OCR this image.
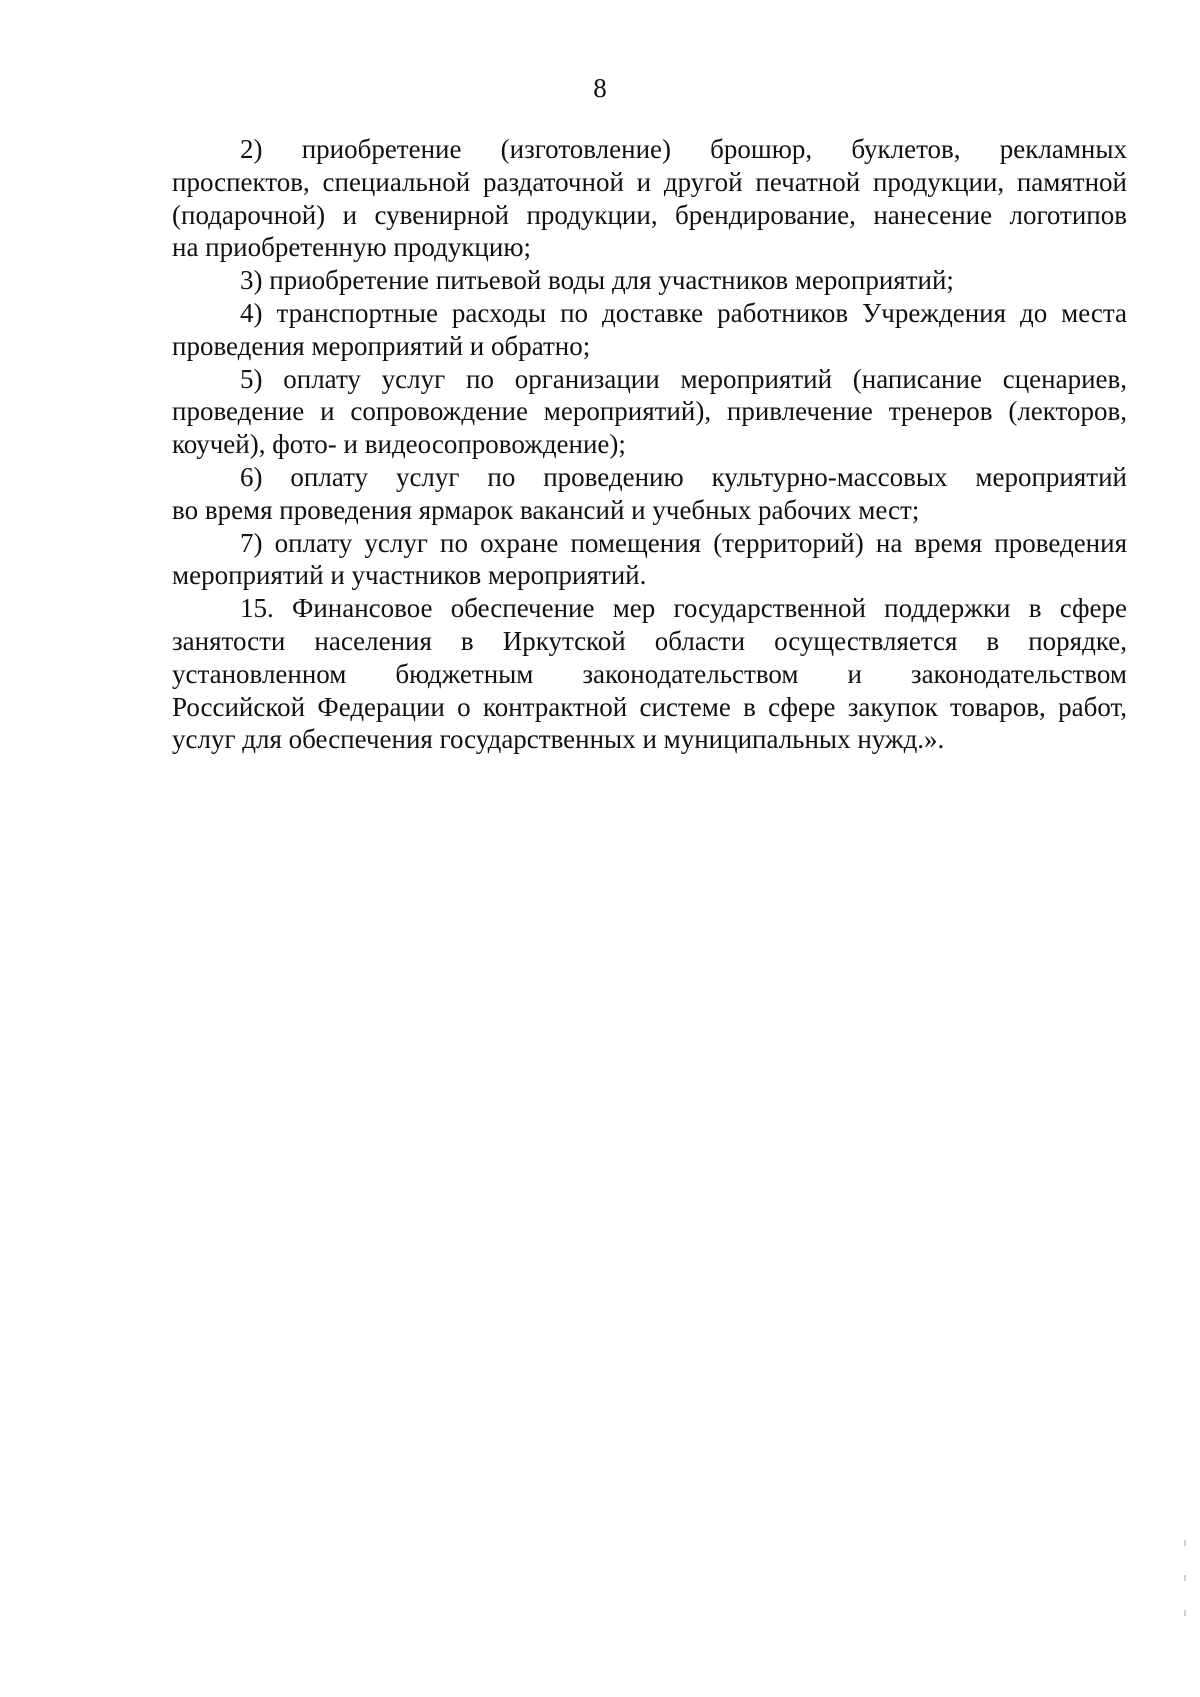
8
2) приобретение (изготовление) брошюр, буклетов, рекламных
проспектов, специальной раздаточной и другой печатной продукции, памятной
(подарочной) и сувенирной продукции, брендирование, нанесение логотипов
на приобретенную продукцию;
3) приобретение питьевой воды для участников мероприятий;
4) транспортные расходы по доставке работников Учреждения до места
проведения мероприятий и обратно;
5) оплату услуг по организации мероприятий (написание сценариев,
проведение и сопровождение мероприятий), привлечение тренеров (лекторов,
коучей), фото- и видеосопровождение);
6) оплату услуг по проведению культурно-массовых мероприятий
во время проведения ярмарок вакансий и учебных рабочих мест;
7) оплату услуг по охране помещения (территорий) на время проведения
мероприятий и участников мероприятий.
15. Финансовое обеспечение мер государственной поддержки в сфере
занятости населения в Иркутской области осуществляется в порядке,
установленном бюджетным законодательством и законодательством
Российской Федерации о контрактной системе в сфере закупок товаров, работ,
услуг для обеспечения государственных и муниципальных нужд.».
